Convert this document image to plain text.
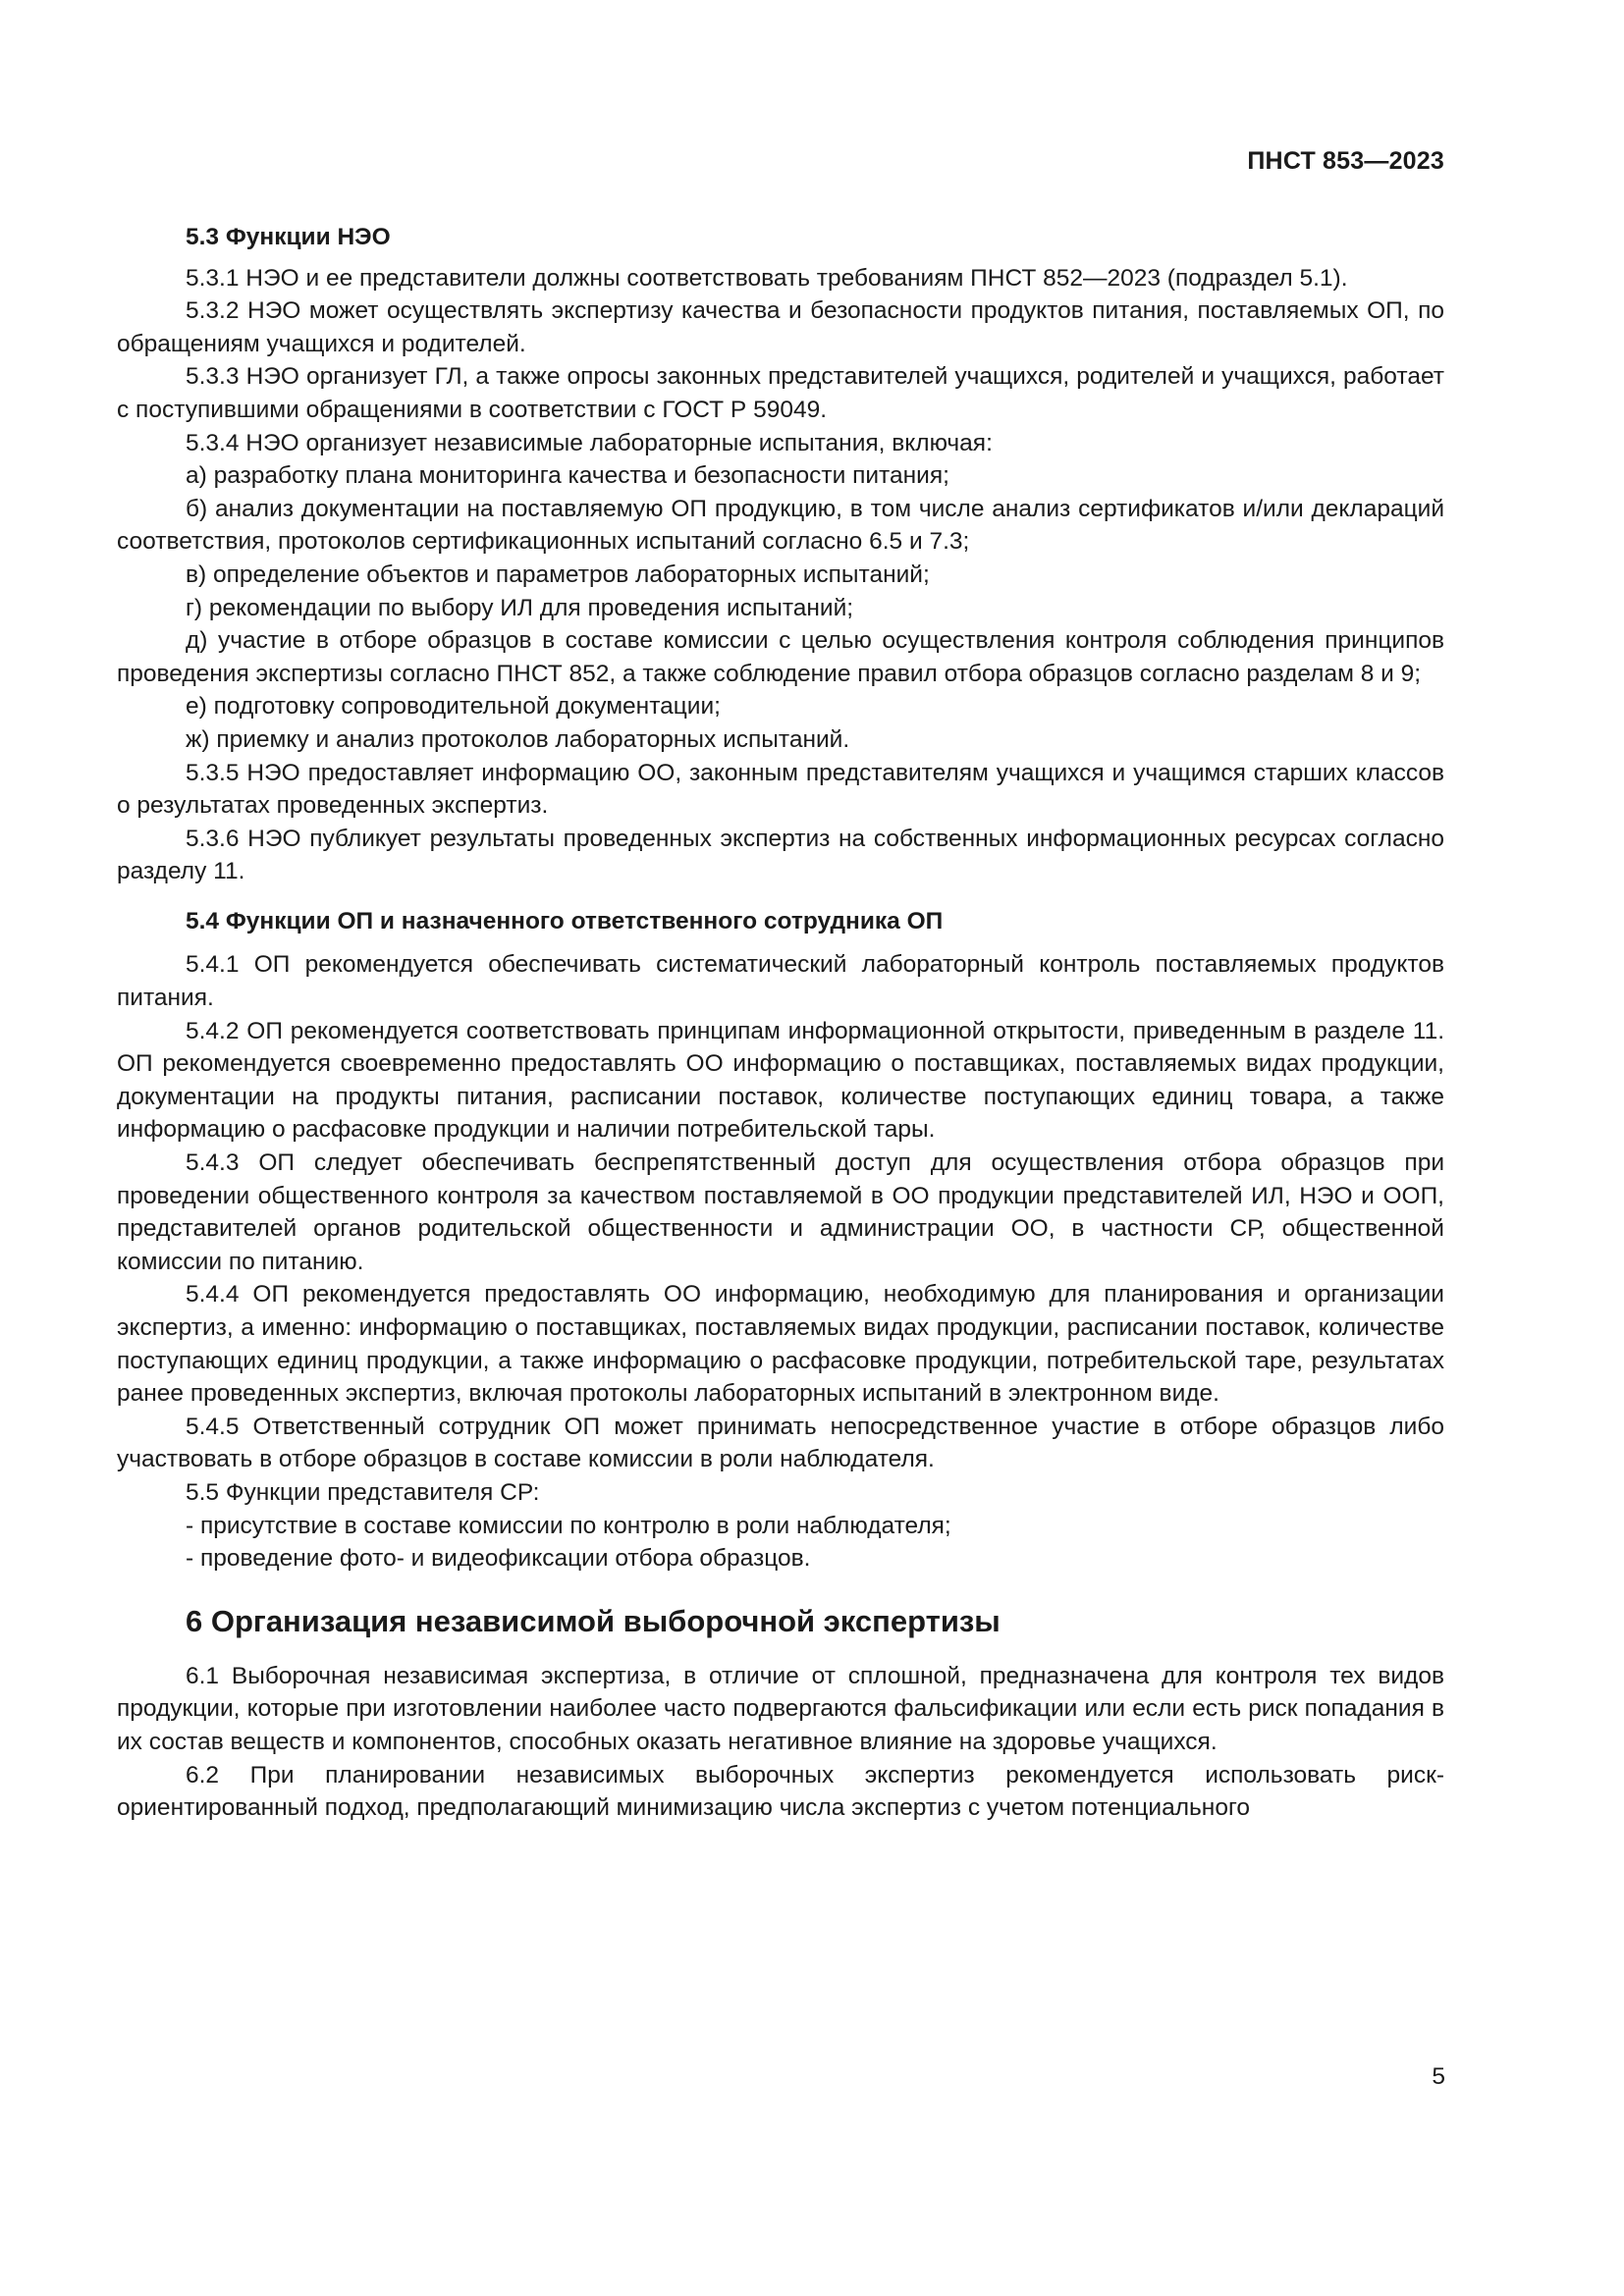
ПНСТ 853—2023
5.3 Функции НЭО

5.3.1 НЭО и ее представители должны соответствовать требованиям ПНСТ 852—2023 (подраздел 5.1).

5.3.2 НЭО может осуществлять экспертизу качества и безопасности продуктов питания, поставляемых ОП, по обращениям учащихся и родителей.

5.3.3 НЭО организует ГЛ, а также опросы законных представителей учащихся, родителей и учащихся, работает с поступившими обращениями в соответствии с ГОСТ Р 59049.

5.3.4 НЭО организует независимые лабораторные испытания, включая:

а) разработку плана мониторинга качества и безопасности питания;

б) анализ документации на поставляемую ОП продукцию, в том числе анализ сертификатов и/или деклараций соответствия, протоколов сертификационных испытаний согласно 6.5 и 7.3;

в) определение объектов и параметров лабораторных испытаний;

г) рекомендации по выбору ИЛ для проведения испытаний;

д) участие в отборе образцов в составе комиссии с целью осуществления контроля соблюдения принципов проведения экспертизы согласно ПНСТ 852, а также соблюдение правил отбора образцов согласно разделам 8 и 9;

е) подготовку сопроводительной документации;

ж) приемку и анализ протоколов лабораторных испытаний.

5.3.5 НЭО предоставляет информацию ОО, законным представителям учащихся и учащимся старших классов о результатах проведенных экспертиз.

5.3.6 НЭО публикует результаты проведенных экспертиз на собственных информационных ресурсах согласно разделу 11.

5.4 Функции ОП и назначенного ответственного сотрудника ОП

5.4.1 ОП рекомендуется обеспечивать систематический лабораторный контроль поставляемых продуктов питания.

5.4.2 ОП рекомендуется соответствовать принципам информационной открытости, приведенным в разделе 11. ОП рекомендуется своевременно предоставлять ОО информацию о поставщиках, поставляемых видах продукции, документации на продукты питания, расписании поставок, количестве поступающих единиц товара, а также информацию о расфасовке продукции и наличии потребительской тары.

5.4.3 ОП следует обеспечивать беспрепятственный доступ для осуществления отбора образцов при проведении общественного контроля за качеством поставляемой в ОО продукции представителей ИЛ, НЭО и ООП, представителей органов родительской общественности и администрации ОО, в частности СР, общественной комиссии по питанию.

5.4.4 ОП рекомендуется предоставлять ОО информацию, необходимую для планирования и организации экспертиз, а именно: информацию о поставщиках, поставляемых видах продукции, расписании поставок, количестве поступающих единиц продукции, а также информацию о расфасовке продукции, потребительской таре, результатах ранее проведенных экспертиз, включая протоколы лабораторных испытаний в электронном виде.

5.4.5 Ответственный сотрудник ОП может принимать непосредственное участие в отборе образцов либо участвовать в отборе образцов в составе комиссии в роли наблюдателя.

5.5 Функции представителя СР:

- присутствие в составе комиссии по контролю в роли наблюдателя;

- проведение фото- и видеофиксации отбора образцов.

6 Организация независимой выборочной экспертизы

6.1 Выборочная независимая экспертиза, в отличие от сплошной, предназначена для контроля тех видов продукции, которые при изготовлении наиболее часто подвергаются фальсификации или если есть риск попадания в их состав веществ и компонентов, способных оказать негативное влияние на здоровье учащихся.

6.2 При планировании независимых выборочных экспертиз рекомендуется использовать риск-ориентированный подход, предполагающий минимизацию числа экспертиз с учетом потенциального

5
